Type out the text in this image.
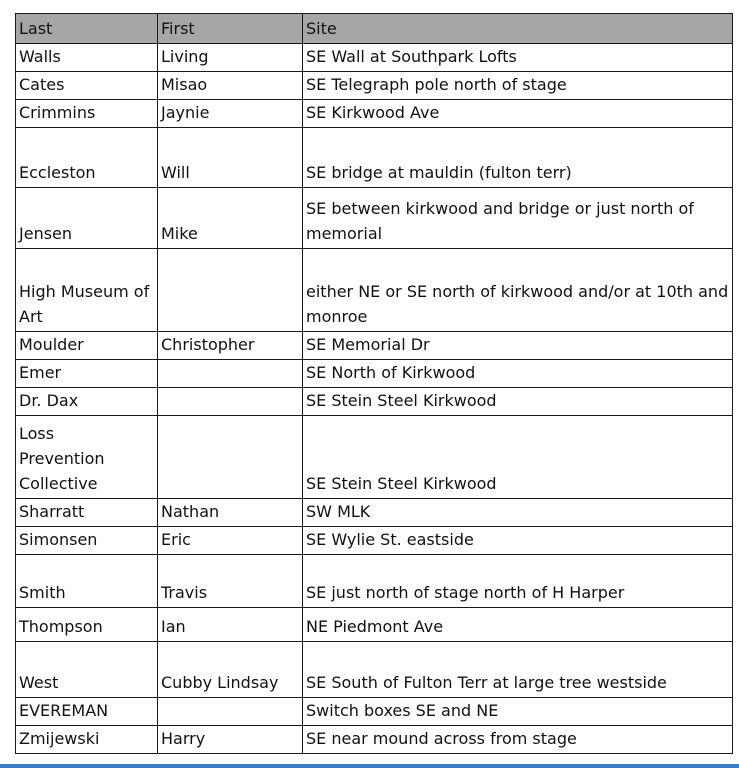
Last	First	Site
Walls	Living	SE Wall at Southpark Lofts
Cates	Misao	SE Telegraph pole north of stage
Crimmins	Jaynie	SE Kirkwood Ave
Eccleston	Will	SE bridge at mauldin (fulton terr)
Jensen	Mike	SE between kirkwood and bridge or just north of memorial
High Museum of Art		either NE or SE north of kirkwood and/or at 10th and monroe
Moulder	Christopher	SE Memorial Dr
Emer		SE North of Kirkwood
Dr. Dax		SE Stein Steel Kirkwood
Loss Prevention Collective		SE Stein Steel Kirkwood
Sharratt	Nathan	SW MLK
Simonsen	Eric	SE Wylie St. eastside
Smith	Travis	SE just north of stage north of H Harper
Thompson	Ian	NE Piedmont Ave
West	Cubby Lindsay	SE South of Fulton Terr at large tree westside
EVEREMAN		Switch boxes SE and NE
Zmijewski	Harry	SE near mound across from stage
